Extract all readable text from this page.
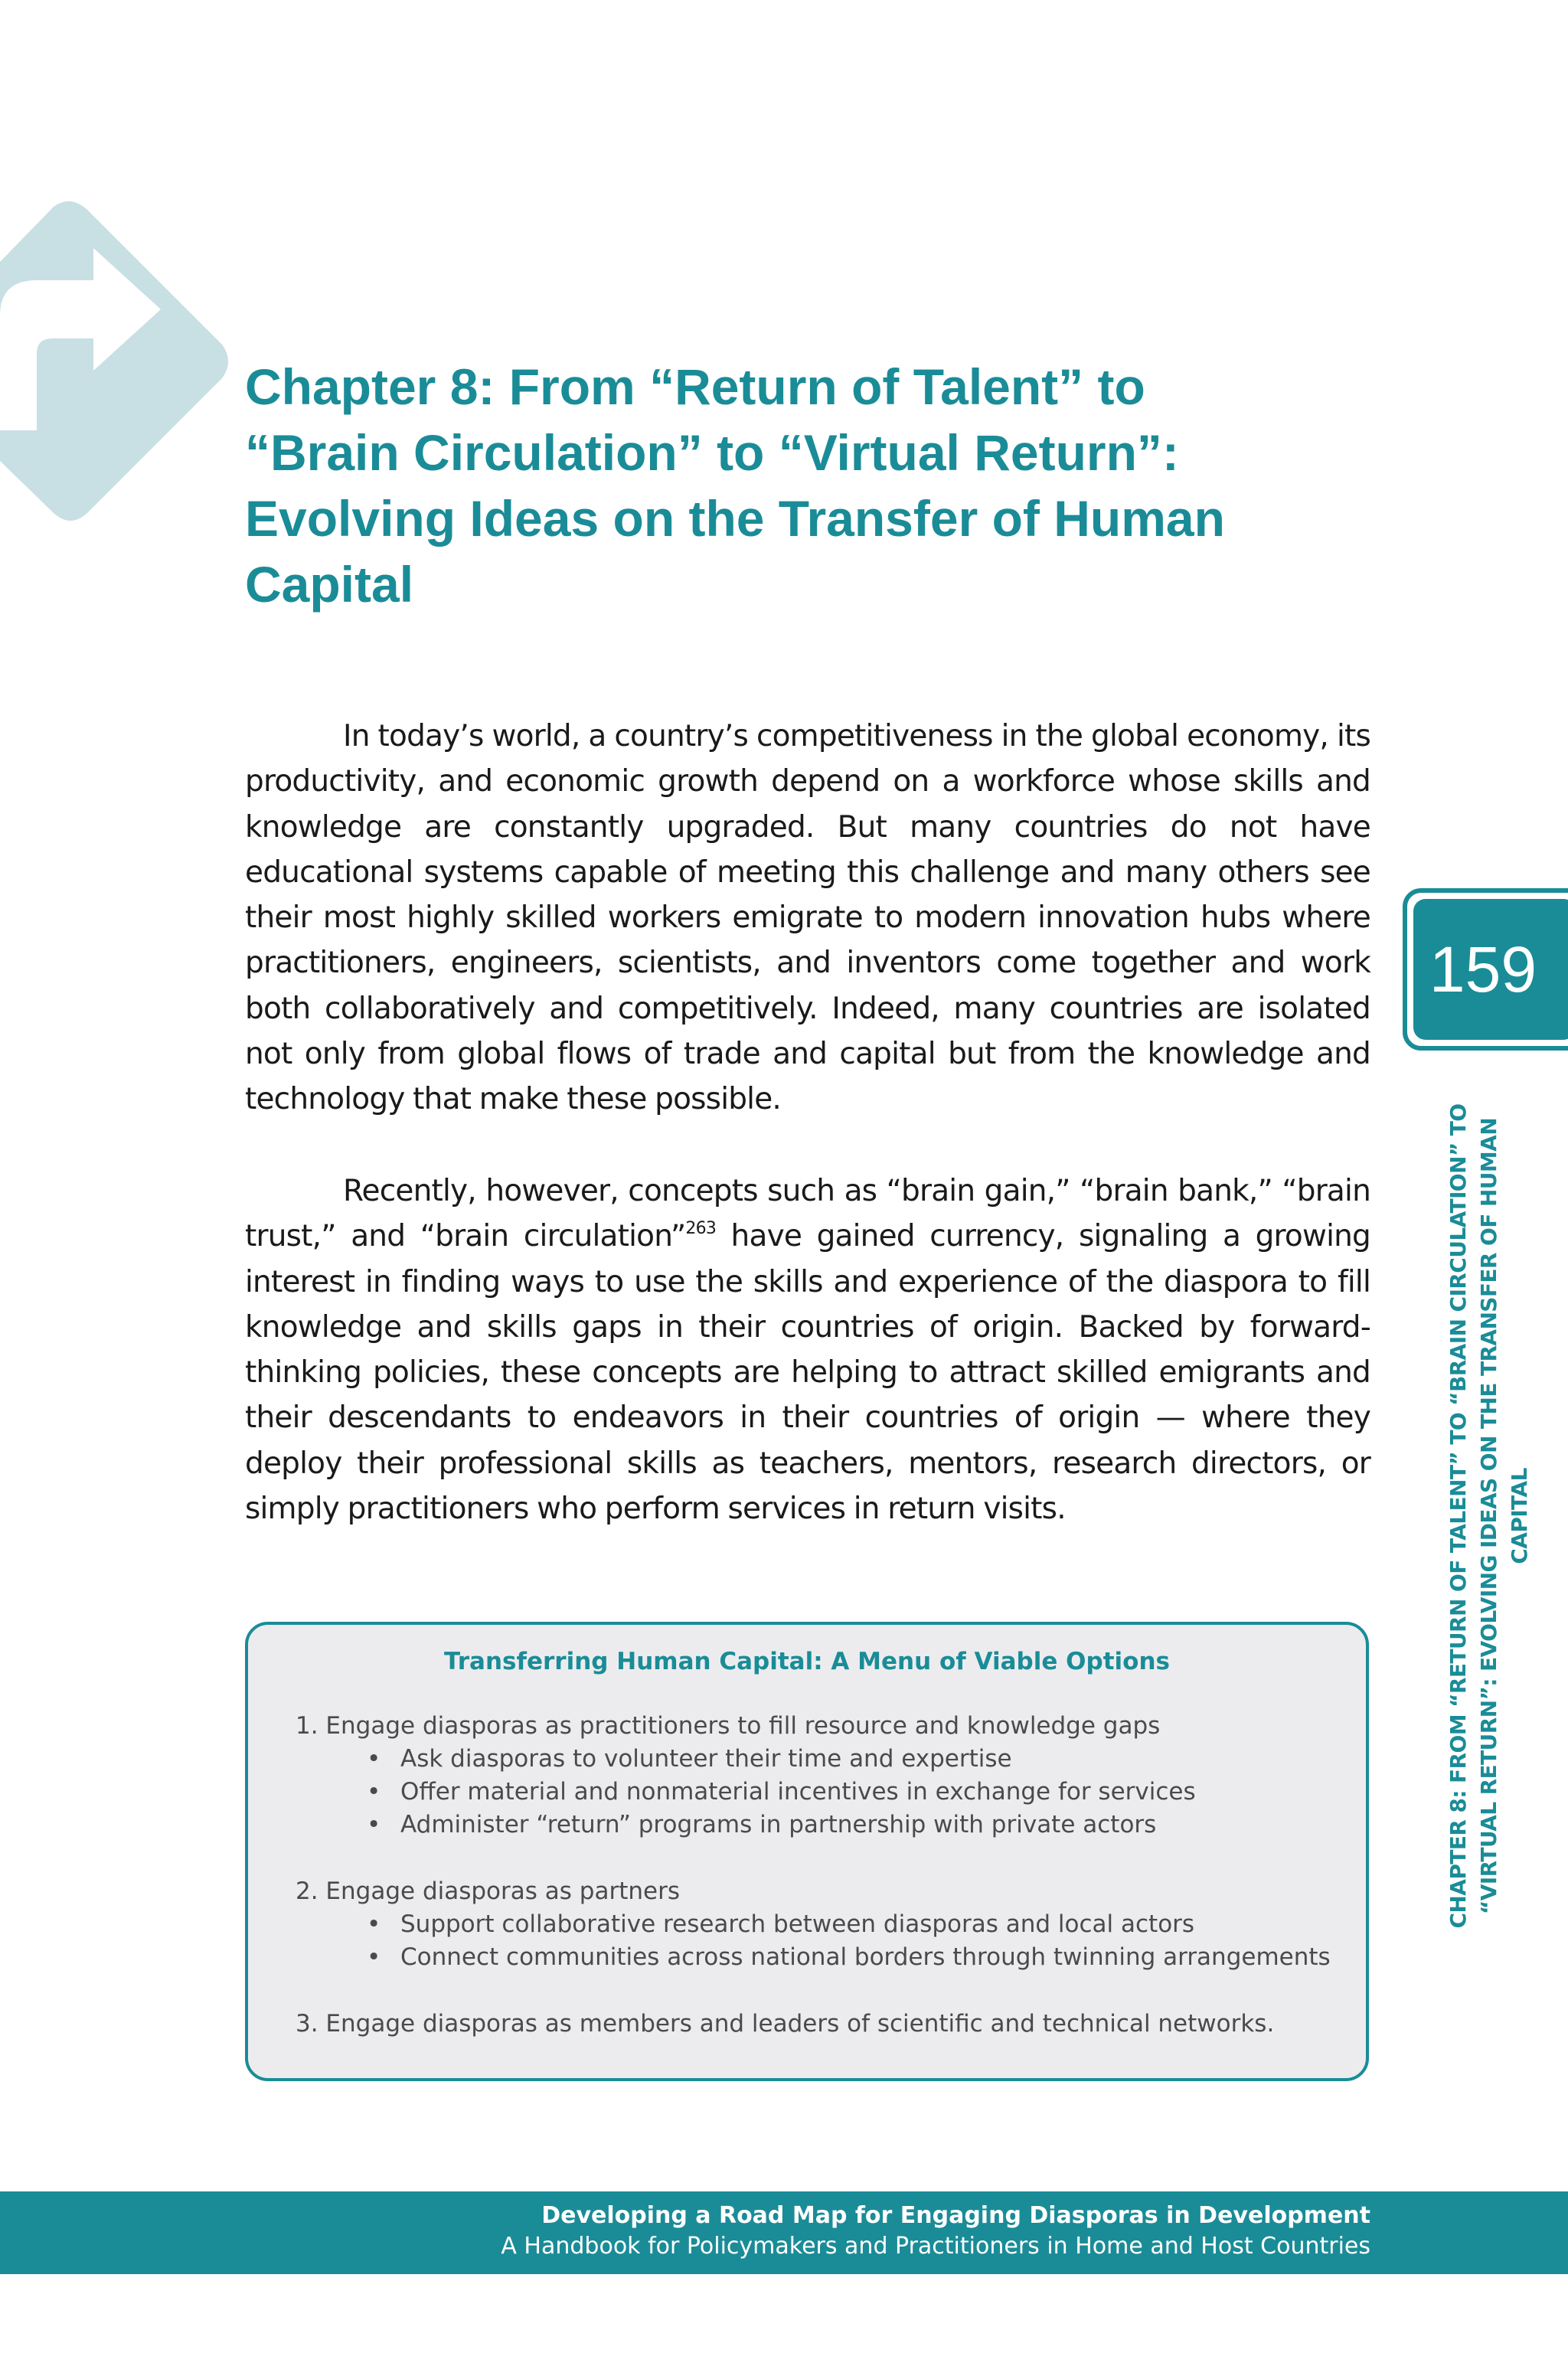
Chapter 8: From “Return of Talent” to
“Brain Circulation” to “Virtual Return”:
Evolving Ideas on the Transfer of Human
Capital

In today’s world, a country’s competitiveness in the global economy, its productivity, and economic growth depend on a workforce whose skills and knowledge are constantly upgraded. But many countries do not have educational systems capable of meeting this challenge and many others see their most highly skilled workers emigrate to modern innovation hubs where practitioners, engineers, scientists, and inventors come together and work both collaboratively and competitively. Indeed, many countries are isolated not only from global flows of trade and capital but from the knowledge and technology that make these possible.

Recently, however, concepts such as “brain gain,” “brain bank,” “brain trust,” and “brain circulation”$^{263}$ have gained currency, signaling a growing interest in finding ways to use the skills and experience of the diaspora to fill knowledge and skills gaps in their countries of origin. Backed by forward-thinking policies, these concepts are helping to attract skilled emigrants and their descendants to endeavors in their countries of origin — where they deploy their professional skills as teachers, mentors, research directors, or simply practitioners who perform services in return visits.

Transferring Human Capital: A Menu of Viable Options
1. Engage diasporas as practitioners to fill resource and knowledge gaps
• Ask diasporas to volunteer their time and expertise
• Offer material and nonmaterial incentives in exchange for services
• Administer “return” programs in partnership with private actors
2. Engage diasporas as partners
• Support collaborative research between diasporas and local actors
• Connect communities across national borders through twinning arrangements
3. Engage diasporas as members and leaders of scientific and technical networks.
159
CHAPTER 8: FROM “RETURN OF TALENT” TO “BRAIN CIRCULATION” TO “VIRTUAL RETURN”: EVOLVING IDEAS ON THE TRANSFER OF HUMAN CAPITAL
Developing a Road Map for Engaging Diasporas in Development
A Handbook for Policymakers and Practitioners in Home and Host Countries
